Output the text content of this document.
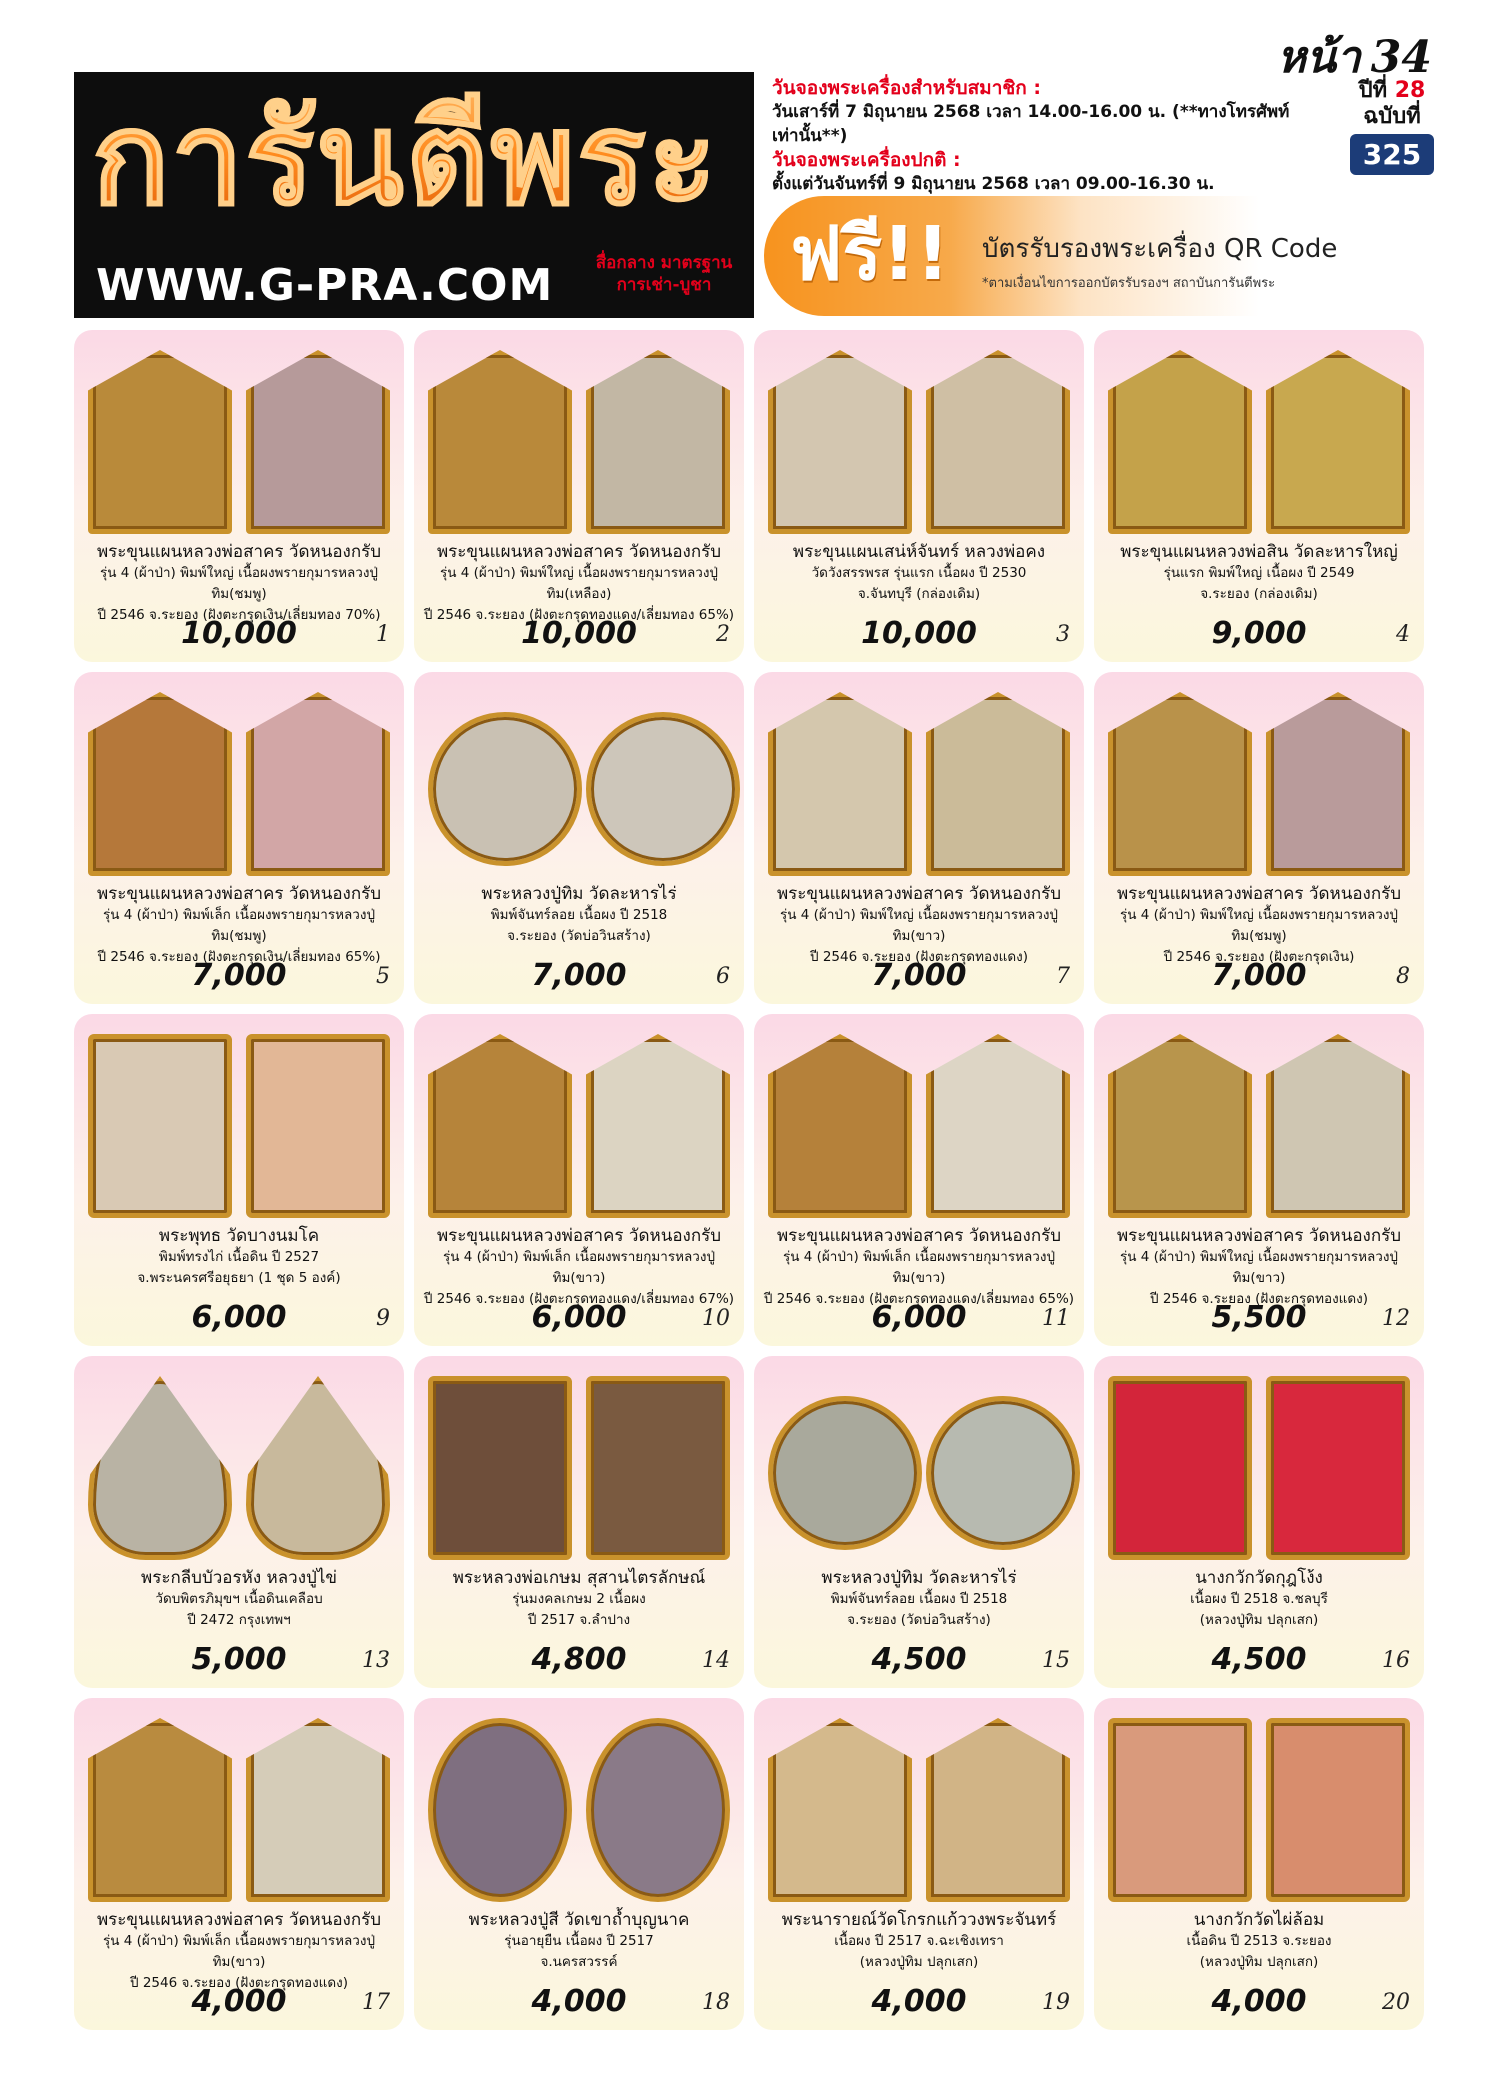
หน้า 34
การันตีพระ
WWW.G-PRA.COM	สื่อกลาง มาตรฐาน
การเช่า-บูชา
วันจองพระเครื่องสำหรับสมาชิก :
วันเสาร์ที่ 7 มิถุนายน 2568 เวลา 14.00-16.00 น. (**ทางโทรศัพท์เท่านั้น**)
วันจองพระเครื่องปกติ :
ตั้งแต่วันจันทร์ที่ 9 มิถุนายน 2568 เวลา 09.00-16.30 น.
ปีที่ 28
ฉบับที่
325
ฟรี!! บัตรรับรองพระเครื่อง QR Code
*ตามเงื่อนไขการออกบัตรรับรองฯ สถาบันการันตีพระ
พระขุนแผนหลวงพ่อสาคร วัดหนองกรับ
รุ่น 4 (ผ้าป่า) พิมพ์ใหญ่ เนื้อผงพรายกุมารหลวงปู่ทิม(ชมพู)
ปี 2546 จ.ระยอง (ฝังตะกรุดเงิน/เลี่ยมทอง 70%)
10,000	1
พระขุนแผนหลวงพ่อสาคร วัดหนองกรับ
รุ่น 4 (ผ้าป่า) พิมพ์ใหญ่ เนื้อผงพรายกุมารหลวงปู่ทิม(เหลือง)
ปี 2546 จ.ระยอง (ฝังตะกรุดทองแดง/เลี่ยมทอง 65%)
10,000	2
พระขุนแผนเสน่ห์จันทร์ หลวงพ่อคง
วัดวังสรรพรส รุ่นแรก เนื้อผง ปี 2530
จ.จันทบุรี (กล่องเดิม)
10,000	3
พระขุนแผนหลวงพ่อสิน วัดละหารใหญ่
รุ่นแรก พิมพ์ใหญ่ เนื้อผง ปี 2549
จ.ระยอง (กล่องเดิม)
9,000	4
พระขุนแผนหลวงพ่อสาคร วัดหนองกรับ
รุ่น 4 (ผ้าป่า) พิมพ์เล็ก เนื้อผงพรายกุมารหลวงปู่ทิม(ชมพู)
ปี 2546 จ.ระยอง (ฝังตะกรุดเงิน/เลี่ยมทอง 65%)
7,000	5
พระหลวงปู่ทิม วัดละหารไร่
พิมพ์จันทร์ลอย เนื้อผง ปี 2518
จ.ระยอง (วัดบ่อวินสร้าง)
7,000	6
พระขุนแผนหลวงพ่อสาคร วัดหนองกรับ
รุ่น 4 (ผ้าป่า) พิมพ์ใหญ่ เนื้อผงพรายกุมารหลวงปู่ทิม(ขาว)
ปี 2546 จ.ระยอง (ฝังตะกรุดทองแดง)
7,000	7
พระขุนแผนหลวงพ่อสาคร วัดหนองกรับ
รุ่น 4 (ผ้าป่า) พิมพ์ใหญ่ เนื้อผงพรายกุมารหลวงปู่ทิม(ชมพู)
ปี 2546 จ.ระยอง (ฝังตะกรุดเงิน)
7,000	8
พระพุทธ วัดบางนมโค
พิมพ์ทรงไก่ เนื้อดิน ปี 2527
จ.พระนครศรีอยุธยา (1 ชุด 5 องค์)
6,000	9
พระขุนแผนหลวงพ่อสาคร วัดหนองกรับ
รุ่น 4 (ผ้าป่า) พิมพ์เล็ก เนื้อผงพรายกุมารหลวงปู่ทิม(ขาว)
ปี 2546 จ.ระยอง (ฝังตะกรุดทองแดง/เลี่ยมทอง 67%)
6,000	10
พระขุนแผนหลวงพ่อสาคร วัดหนองกรับ
รุ่น 4 (ผ้าป่า) พิมพ์เล็ก เนื้อผงพรายกุมารหลวงปู่ทิม(ขาว)
ปี 2546 จ.ระยอง (ฝังตะกรุดทองแดง/เลี่ยมทอง 65%)
6,000	11
พระขุนแผนหลวงพ่อสาคร วัดหนองกรับ
รุ่น 4 (ผ้าป่า) พิมพ์ใหญ่ เนื้อผงพรายกุมารหลวงปู่ทิม(ขาว)
ปี 2546 จ.ระยอง (ฝังตะกรุดทองแดง)
5,500	12
พระกลีบบัวอรหัง หลวงปู่ไข่
วัดบพิตรภิมุขฯ เนื้อดินเคลือบ
ปี 2472 กรุงเทพฯ
5,000	13
พระหลวงพ่อเกษม สุสานไตรลักษณ์
รุ่นมงคลเกษม 2 เนื้อผง
ปี 2517 จ.ลำปาง
4,800	14
พระหลวงปู่ทิม วัดละหารไร่
พิมพ์จันทร์ลอย เนื้อผง ปี 2518
จ.ระยอง (วัดบ่อวินสร้าง)
4,500	15
นางกวักวัดกุฎโง้ง
เนื้อผง ปี 2518 จ.ชลบุรี
(หลวงปู่ทิม ปลุกเสก)
4,500	16
พระขุนแผนหลวงพ่อสาคร วัดหนองกรับ
รุ่น 4 (ผ้าป่า) พิมพ์เล็ก เนื้อผงพรายกุมารหลวงปู่ทิม(ขาว)
ปี 2546 จ.ระยอง (ฝังตะกรุดทองแดง)
4,000	17
พระหลวงปู่สี วัดเขาถ้ำบุญนาค
รุ่นอายุยืน เนื้อผง ปี 2517
จ.นครสวรรค์
4,000	18
พระนารายณ์วัดโกรกแก้ววงพระจันทร์
เนื้อผง ปี 2517 จ.ฉะเชิงเทรา
(หลวงปู่ทิม ปลุกเสก)
4,000	19
นางกวักวัดไผ่ล้อม
เนื้อดิน ปี 2513 จ.ระยอง
(หลวงปู่ทิม ปลุกเสก)
4,000	20
